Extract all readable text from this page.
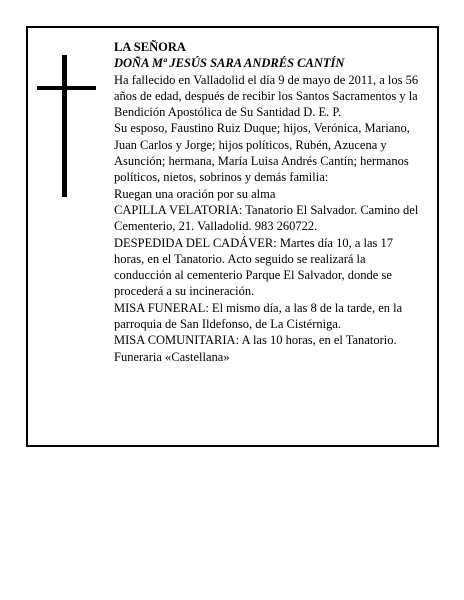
LA SEÑORA

DOÑA Mª JESÚS SARA ANDRÉS CANTÍN

Ha fallecido en Valladolid el día 9 de mayo de 2011, a los 56 años de edad, después de recibir los Santos Sacramentos y la Bendición Apostólica de Su Santidad D. E. P.

Su esposo, Faustino Ruiz Duque; hijos, Verónica, Mariano, Juan Carlos y Jorge; hijos políticos, Rubén, Azucena y Asunción; hermana, María Luisa Andrés Cantín; hermanos políticos, nietos, sobrinos y demás familia:

Ruegan una oración por su alma

CAPILLA VELATORIA: Tanatorio El Salvador. Camino del Cementerio, 21. Valladolid. 983 260722.

DESPEDIDA DEL CADÁVER: Martes día 10, a las 17 horas, en el Tanatorio. Acto seguido se realizará la conducción al cementerio Parque El Salvador, donde se procederá a su incineración.

MISA FUNERAL: El mismo día, a las 8 de la tarde, en la parroquia de San Ildefonso, de La Cistérniga.

MISA COMUNITARIA: A las 10 horas, en el Tanatorio.

Funeraria «Castellana»
